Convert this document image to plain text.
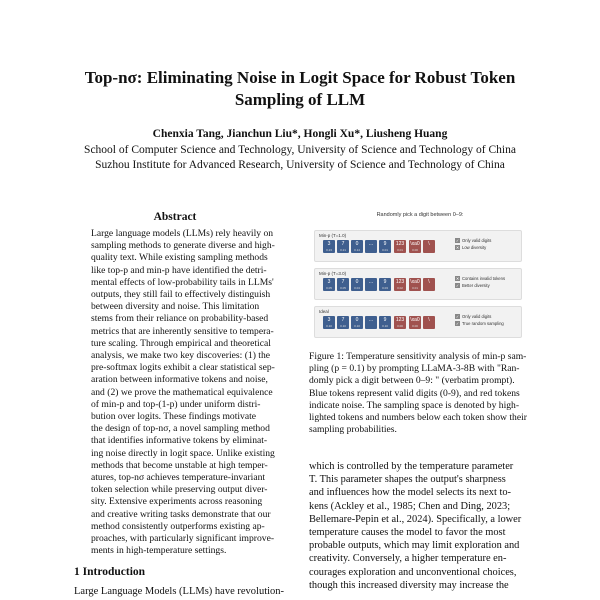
Top-nσ: Eliminating Noise in Logit Space for Robust Token
Sampling of LLM
Chenxia Tang, Jianchun Liu*, Hongli Xu*, Liusheng Huang
School of Computer Science and Technology, University of Science and Technology of China
Suzhou Institute for Advanced Research, University of Science and Technology of China
Abstract
Large language models (LLMs) rely heavily on
sampling methods to generate diverse and high-
quality text. While existing sampling methods
like top-p and min-p have identified the detri-
mental effects of low-probability tails in LLMs'
outputs, they still fail to effectively distinguish
between diversity and noise. This limitation
stems from their reliance on probability-based
metrics that are inherently sensitive to tempera-
ture scaling. Through empirical and theoretical
analysis, we make two key discoveries: (1) the
pre-softmax logits exhibit a clear statistical sep-
aration between informative tokens and noise,
and (2) we prove the mathematical equivalence
of min-p and top-(1-p) under uniform distri-
bution over logits. These findings motivate
the design of top-nσ, a novel sampling method
that identifies informative tokens by eliminat-
ing noise directly in logit space. Unlike existing
methods that become unstable at high temper-
atures, top-nσ achieves temperature-invariant
token selection while preserving output diver-
sity. Extensive experiments across reasoning
and creative writing tasks demonstrate that our
method consistently outperforms existing ap-
proaches, with particularly significant improve-
ments in high-temperature settings.
1 Introduction
Large Language Models (LLMs) have revolution-
Randomly pick a digit between 0–9:
Min-p (T=1.0)
3
0.23
7
0.21
0
0.14
…	9
0.01
123
0.01
\xa0
0.00
\
✓ Only valid digits
✕ Low diversity
Min-p (T=3.0)
3
0.05
7
0.05
0
0.04
…	9
0.03
123
0.02
\xa0
0.01
\
✕ Contains invalid tokens
✓ Better diversity
Ideal
3
0.10
7
0.10
0
0.10
…	9
0.10
123
0.00
\xa0
0.00
\
✓ Only valid digits
✓ True random sampling
Figure 1: Temperature sensitivity analysis of min-p sam-
pling (p = 0.1) by prompting LLaMA-3-8B with "Ran-
domly pick a digit between 0–9: " (verbatim prompt).
Blue tokens represent valid digits (0-9), and red tokens
indicate noise. The sampling space is denoted by high-
lighted tokens and numbers below each token show their
sampling probabilities.
which is controlled by the temperature parameter
T. This parameter shapes the output's sharpness
and influences how the model selects its next to-
kens (Ackley et al., 1985; Chen and Ding, 2023;
Bellemare-Pepin et al., 2024). Specifically, a lower
temperature causes the model to favor the most
probable outputs, which may limit exploration and
creativity. Conversely, a higher temperature en-
courages exploration and unconventional choices,
though this increased diversity may increase the
